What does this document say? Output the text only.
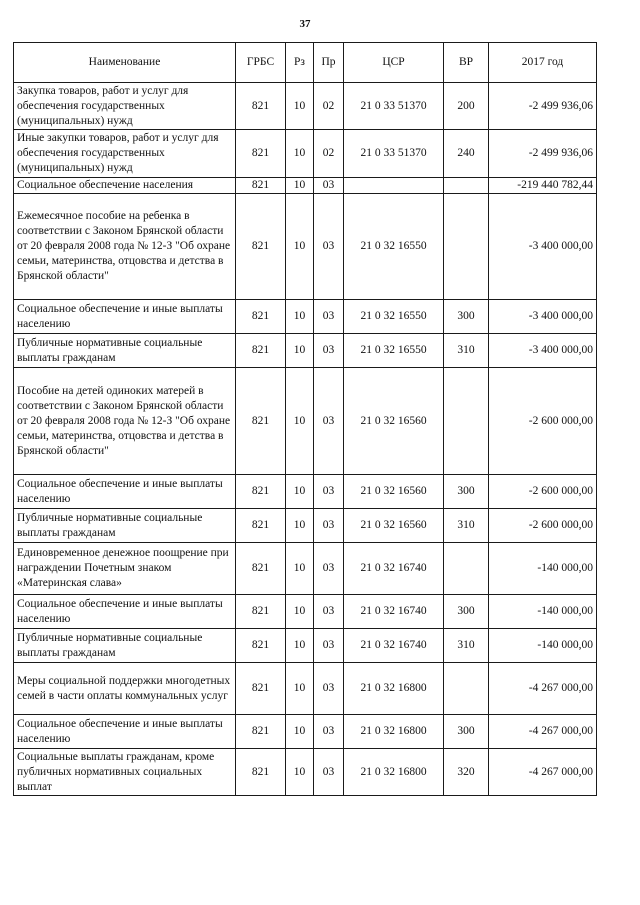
37
Наименование	ГРБС	Рз	Пр	ЦСР	ВР	2017 год
Закупка товаров, работ и услуг для обеспечения государственных (муниципальных) нужд	821	10	02	21 0 33 51370	200	-2 499 936,06
Иные закупки товаров, работ и услуг для обеспечения государственных (муниципальных) нужд	821	10	02	21 0 33 51370	240	-2 499 936,06
Социальное обеспечение населения	821	10	03			-219 440 782,44
Ежемесячное пособие на ребенка в соответствии с Законом Брянской области от 20 февраля 2008 года № 12-З "Об охране семьи, материнства, отцовства и детства в Брянской области"	821	10	03	21 0 32 16550		-3 400 000,00
Социальное обеспечение и иные выплаты населению	821	10	03	21 0 32 16550	300	-3 400 000,00
Публичные нормативные социальные выплаты гражданам	821	10	03	21 0 32 16550	310	-3 400 000,00
Пособие на детей одиноких матерей в соответствии с Законом Брянской области от 20 февраля 2008 года № 12-З "Об охране семьи, материнства, отцовства и детства в Брянской области"	821	10	03	21 0 32 16560		-2 600 000,00
Социальное обеспечение и иные выплаты населению	821	10	03	21 0 32 16560	300	-2 600 000,00
Публичные нормативные социальные выплаты гражданам	821	10	03	21 0 32 16560	310	-2 600 000,00
Единовременное денежное поощрение при награждении Почетным знаком «Материнская слава»	821	10	03	21 0 32 16740		-140 000,00
Социальное обеспечение и иные выплаты населению	821	10	03	21 0 32 16740	300	-140 000,00
Публичные нормативные социальные выплаты гражданам	821	10	03	21 0 32 16740	310	-140 000,00
Меры социальной поддержки многодетных семей в части оплаты коммунальных услуг	821	10	03	21 0 32 16800		-4 267 000,00
Социальное обеспечение и иные выплаты населению	821	10	03	21 0 32 16800	300	-4 267 000,00
Социальные выплаты гражданам, кроме публичных нормативных социальных выплат	821	10	03	21 0 32 16800	320	-4 267 000,00
